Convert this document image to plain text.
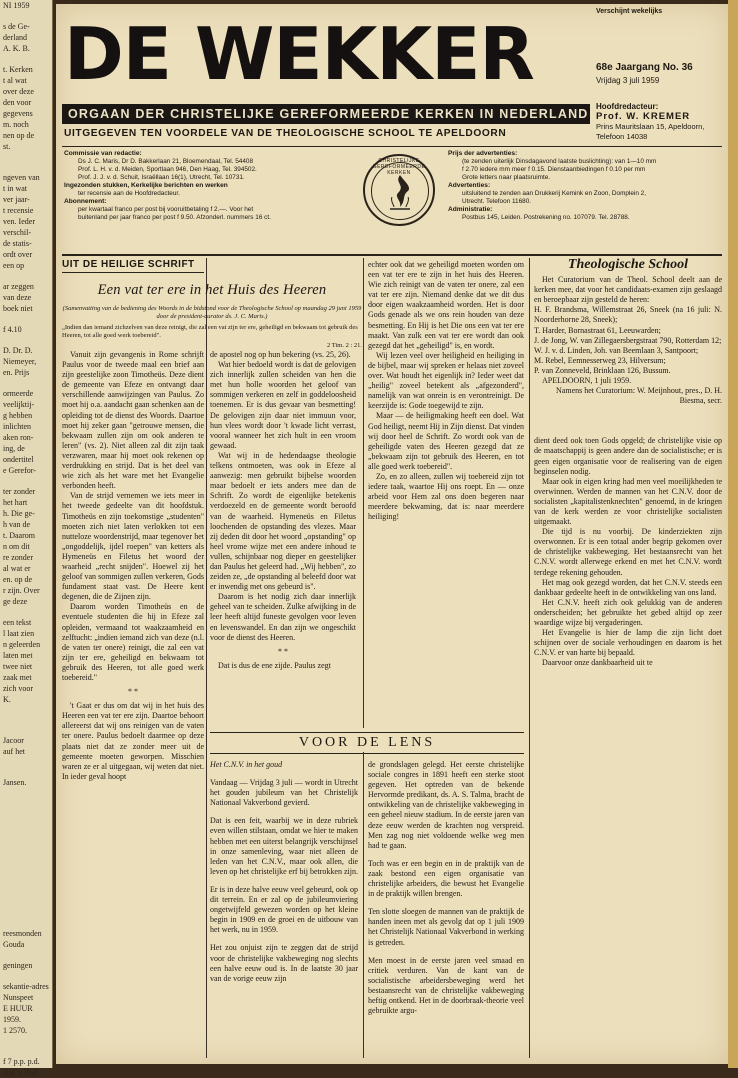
NI 1959
s de Ge-
derland
A. K. B.
t. Kerken
t al wat
over deze
den voor
gegevens
m. noch
nen op de
st.
ngeven van
t in wat
ver jaar-
t recensie
ven. Ieder
verschil-
de statis-
ordt over
een op
ar zeggen
van deze
boek niet
f 4.10
D. Dr. D.
Niemeyer,
en. Prijs
ormeerde
veelijktij-
g hebben
inlichten
aken ron-
ing, de
ondertitel
e Gerefor-
ter zonder
het hart
h. Die ge-
h van de
t. Daarom
n om dit
re zonder
al wat er
en. op de
r zijn. Over
ge deze
een tekst
l laat zien
n geleerden
laten met
twee niet
zaak met
zich voor
K.
Jacoor
auf het
Jansen.
reesmonden
Gouda
geningen
sekantie-adres
Nunspeet
E HUUR
1959.
1 2570.
f 7 p.p. p.d.
elig v. Bad.
DE WEKKER
Verschijnt wekelijks
68e Jaargang No. 36
Vrijdag 3 juli 1959
ORGAAN DER CHRISTELIJKE GEREFORMEERDE KERKEN IN NEDERLAND
UITGEGEVEN TEN VOORDELE VAN DE THEOLOGISCHE SCHOOL TE APELDOORN
Hoofdredacteur:
Prof. W. KREMER
Prins Mauritslaan 15, Apeldoorn,
Telefoon 14038
Commissie van redactie:
Ds J. C. Maris, Dr D. Bakkerlaan 21, Bloemendaal, Tel. 54408
Prof. L. H. v. d. Meiden, Sportlaan 946, Den Haag, Tel. 394502.
Prof. J. J. v. d. Schuit, Israëllaan 16(1), Utrecht, Tel. 10731.
Ingezonden stukken, Kerkelijke berichten en werken
ter recensie aan de Hoofdredacteur.
Abonnement:
per kwartaal franco per post bij vooruitbetaling f 2.—. Voor het
buitenland per jaar franco per post f 9.50. Afzonderl. nummers 16 ct.
CHRISTELIJKE GEREFORMEERDE KERKEN
Prijs der advertenties:
(te zenden uiterlijk Dinsdagavond laatste buslichting): van 1—10 mm
f 2.70 iedere mm meer f 0.15. Dienstaanbiedingen f 0.10 per mm
Grote letters naar plaatsruimte.
Advertenties:
uitsluitend te zenden aan Drukkerij Kemink en Zoon, Domplein 2,
Utrecht. Telefoon 11680.
Administratie:
Postbus 145, Leiden. Postrekening no. 107079. Tel. 28788.
UIT DE HEILIGE SCHRIFT
Een vat ter ere in het Huis des Heeren
(Samenvatting van de bediening des Woords in de bidstond voor de Theologische School op maandag 29 juni 1959 door de president-curator ds. J. C. Maris.)
„Indien dan iemand zichzelven van deze reinigt, die zal een vat zijn ter ere, geheiligd en bekwaam tot gebruik des Heeren, tot alle goed werk toebereid".
2 Tim. 2 : 21.

Vanuit zijn gevangenis in Rome schrijft Paulus voor de tweede maal een brief aan zijn geestelijke zoon Timotheüs. Deze dient de gemeente van Efeze en ontvangt daar verschillende aanwijzingen van Paulus. Zo moet hij o.a. aandacht gaan schenken aan de opleiding tot de dienst des Woords. Daartoe moet hij zeker gaan "getrouwe mensen, die bekwaam zullen zijn om ook anderen te leren" (vs. 2). Niet alleen zal dit zijn taak verzwaren, maar hij moet ook rekenen op verdrukking en strijd. Dat is het deel van wie zich als het ware met het Evangelie verbonden heeft.

Van de strijd vernemen we iets meer in het tweede gedeelte van dit hoofdstuk. Timotheüs en zijn toekomstige „studenten" moeten zich niet laten verlokken tot een nutteloze woordenstrijd, maar tegenover het „ongoddelijk, ijdel roepen" van ketters als Hymeneüs en Filetus het woord der waarheid „recht snijden". Hoewel zij het geloof van sommigen zullen verkeren, Gods fundament staat vast. De Heere kent degenen, die de Zijnen zijn.

Daarom worden Timotheüs en de eventuele studenten die hij in Efeze zal opleiden, vermaand tot waakzaamheid en zelftucht: „indien iemand zich van deze (n.l. de vaten ter onere) reinigt, die zal een vat zijn ter ere, geheiligd en bekwaam tot gebruik des Heeren, tot alle goed werk toebereid."

* *

't Gaat er dus om dat wij in het huis des Heeren een vat ter ere zijn. Daartoe behoort allereerst dat wij ons reinigen van de vaten ter onere. Paulus bedoelt daarmee op deze plaats niet dat ze zonder meer uit de gemeente moeten geworpen. Misschien waren ze er al uitgegaan, wij weten dat niet. In ieder geval hoopt

de apostel nog op hun bekering (vs. 25, 26).

Wat hier bedoeld wordt is dat de gelovigen zich innerlijk zullen scheiden van hen die met hun holle woorden het geloof van sommigen verkeren en zelf in goddeloosheid toenemen. Er is dus gevaar van besmetting! De gelovigen zijn daar niet immuun voor, hun vlees wordt door 't kwade licht verrast, vooral wanneer het zich hult in een vroom gewaad.

Wat wij in de hedendaagse theologie telkens ontmoeten, was ook in Efeze al aanwezig: men gebruikt bijbelse woorden maar bedoelt er iets anders mee dan de Schrift. Zo wordt de eigenlijke betekenis verdoezeld en de gemeente wordt beroofd van de waarheid. Hymeneüs en Filetus loochenden de opstanding des vlezes. Maar zij deden dit door het woord „opstanding" op heel vrome wijze met een andere inhoud te vullen, schijnbaar nog dieper en geestelijker dan Paulus het geleerd had. „Wij hebben", zo zeiden ze, „de opstanding al beleefd door wat er inwendig met ons gebeurd is".

Daarom is het nodig zich daar innerlijk geheel van te scheiden. Zulke afwijking in de leer heeft altijd funeste gevolgen voor leven en levenswandel. En dan zijn we ongeschikt voor de dienst des Heeren.

* *

Dat is dus de ene zijde. Paulus zegt

echter ook dat we geheiligd moeten worden om een vat ter ere te zijn in het huis des Heeren. Wie zich reinigt van de vaten ter onere, zal een vat ter ere zijn. Niemand denke dat we dit dus door eigen waakzaamheid worden. Het is door Gods genade als we ons rein houden van deze besmetting. En Hij is het Die ons een vat ter ere maakt. Van zulk een vat ter ere wordt dan ook gezegd dat het „geheiligd" is, en wordt.

Wij lezen veel over heiligheid en heiliging in de bijbel, maar wij spreken er helaas niet zoveel over. Wat houdt het eigenlijk in? Ieder weet dat „heilig" zoveel betekent als „afgezonderd", namelijk van wat onrein is en verontreinigt. De keerzijde is: Gode toegewijd te zijn.

Maar — de heiligmaking heeft een doel. Wat God heiligt, neemt Hij in Zijn dienst. Dat vinden wij door heel de Schrift. Zo wordt ook van de geheiligde vaten des Heeren gezegd dat ze „bekwaam zijn tot gebruik des Heeren, en tot alle goed werk toebereid".

Zo, en zo alleen, zullen wij toebereid zijn tot iedere taak, waartoe Hij ons roept. En — onze arbeid voor Hem zal ons doen begeren naar meerdere bekwaming, dat is: naar meerdere heiliging!

Theologische School

Het Curatorium van de Theol. School deelt aan de kerken mee, dat voor het candidaats-examen zijn geslaagd en beroepbaar zijn gesteld de heren:

H. F. Brandsma, Willemstraat 26, Sneek (na 16 juli: N. Noorderhorne 28, Sneek);

T. Harder, Bornastraat 61, Leeuwarden;

J. de Jong, W. van Zillegaersbergstraat 790, Rotterdam 12;

W. J. v. d. Linden, Joh. van Beemlaan 3, Santpoort;

M. Rebel, Eemnesserweg 23, Hilversum;

P. van Zonneveld, Brinklaan 126, Bussum.

APELDOORN, 1 juli 1959.

Namens het Curatorium: W. Meijnhout, pres., D. H. Biesma, secr.

dient deed ook toen Gods opgeld; de christelijke visie op de maatschappij is geen andere dan de socialistische; er is geen eigen organisatie voor de realisering van de eigen beginselen nodig.

Maar ook in eigen kring had men veel moeilijkheden te overwinnen. Werden de mannen van het C.N.V. door de socialisten „kapitalistenknechten" genoemd, in de kringen van de kerk werden ze voor christelijke socialisten uitgemaakt.

Die tijd is nu voorbij. De kinderziekten zijn overwonnen. Er is een totaal ander begrip gekomen over de christelijke vakbeweging. Het bestaansrecht van het C.N.V. wordt allerwege erkend en met het C.N.V. wordt terdege rekening gehouden.

Het mag ook gezegd worden, dat het C.N.V. steeds een dankbaar gedeelte heeft in de ontwikkeling van ons land.

Het C.N.V. heeft zich ook gelukkig van de anderen onderscheiden; het gebruikte het gebed altijd op zeer waardige wijze bij vergaderingen.

Het Evangelie is hier de lamp die zijn licht doet schijnen over de sociale verhoudingen en daarom is het C.N.V. er van harte bij bepaald.

Daarvoor onze dankbaarheid uit te

VOOR DE LENS

Het C.N.V. in het goud

Vandaag — Vrijdag 3 juli — wordt in Utrecht het gouden jubileum van het Christelijk Nationaal Vakverbond gevierd.

Dat is een feit, waarbij we in deze rubriek even willen stilstaan, omdat we hier te maken hebben met een uiterst belangrijk verschijnsel in onze samenleving, waar niet alleen de leden van het C.N.V., maar ook allen, die leven op het christelijke erf bij betrokken zijn.

Er is in deze halve eeuw veel gebeurd, ook op dit terrein. En er zal op de jubileumviering ongetwijfeld gewezen worden op het kleine begin in 1909 en de groei en de uitbouw van het werk, nu in 1959.

Het zou onjuist zijn te zeggen dat de strijd voor de christelijke vakbeweging nog slechts een halve eeuw oud is. In de laatste 30 jaar van de vorige eeuw zijn

de grondslagen gelegd. Het eerste christelijke sociale congres in 1891 heeft een sterke stoot gegeven. Het optreden van de bekende Hervormde predikant, ds. A. S. Talma, bracht de ontwikkeling van de christelijke vakbeweging in een geheel nieuw stadium. In de eerste jaren van deze eeuw werden de krachten nog verspreid. Men zag nog niet voldoende welke weg men had te gaan.

Toch was er een begin en in de praktijk van de zaak bestond een eigen organisatie van christelijke arbeiders, die bewust het Evangelie in de praktijk willen brengen.

Ten slotte sloegen de mannen van de praktijk de handen ineen met als gevolg dat op 1 juli 1909 het Christelijk Nationaal Vakverbond in werking is getreden.

Men moest in de eerste jaren veel smaad en critiek verduren. Van de kant van de socialistische arbeidersbeweging werd het bestaansrecht van de christelijke vakbeweging heftig ontkend. Het in de doorbraak-theorie veel gebruikte argu-
